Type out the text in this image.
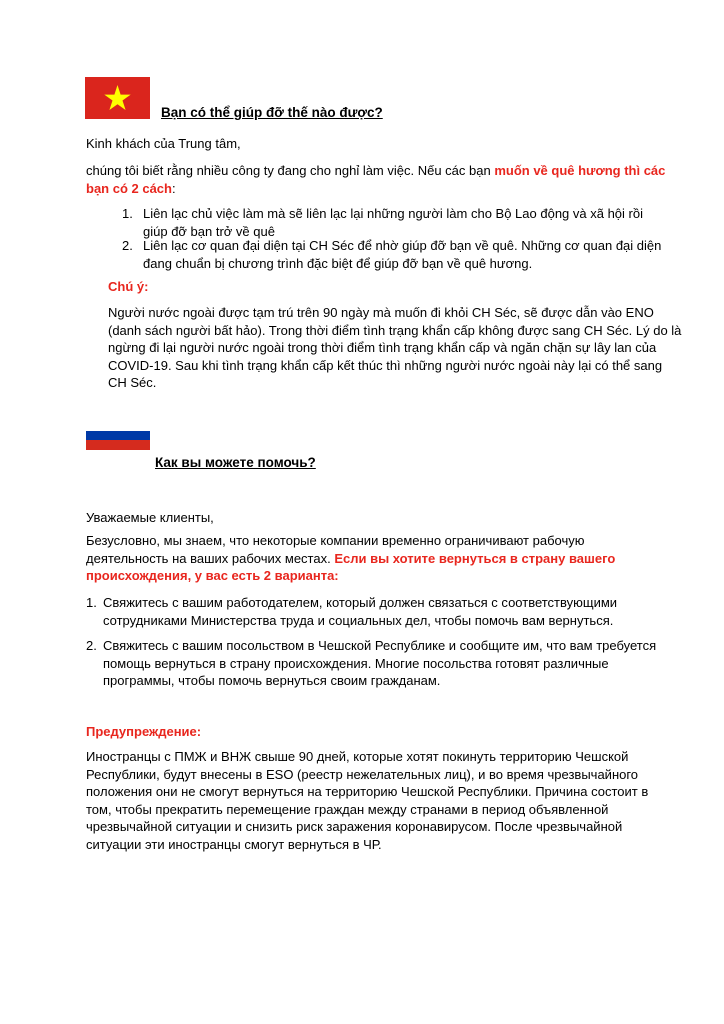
Bạn có thể giúp đỡ thế nào được?
Kinh khách của Trung tâm,
chúng tôi biết rằng nhiều công ty đang cho nghỉ làm việc. Nếu các bạn muốn về quê hương thì các bạn có 2 cách:
1. Liên lạc chủ việc làm mà sẽ liên lạc lại những người làm cho Bộ Lao động và xã hội rồi giúp đỡ bạn trở về quê
2. Liên lạc cơ quan đại diện tại CH Séc để nhờ giúp đỡ bạn về quê. Những cơ quan đại diện đang chuẩn bị chương trình đặc biệt để giúp đỡ bạn về quê hương.
Chú ý:
Người nước ngoài được tạm trú trên 90 ngày mà muốn đi khỏi CH Séc, sẽ được dẫn vào ENO (danh sách người bất hảo). Trong thời điểm tình trạng khẩn cấp không được sang CH Séc. Lý do là ngừng đi lại người nước ngoài trong thời điểm tình trạng khẩn cấp và ngăn chặn sự lây lan của COVID-19. Sau khi tình trạng khẩn cấp kết thúc thì những người nước ngoài này lại có thể sang CH Séc.
Как вы можете помочь?
Уважаемые клиенты,
Безусловно, мы знаем, что некоторые компании временно ограничивают рабочую деятельность на ваших рабочих местах. Если вы хотите вернуться в страну вашего происхождения, у вас есть 2 варианта:
1. Свяжитесь с вашим работодателем, который должен связаться с соответствующими сотрудниками Министерства труда и социальных дел, чтобы помочь вам вернуться.
2. Свяжитесь с вашим посольством в Чешской Республике и сообщите им, что вам требуется помощь вернуться в страну происхождения. Многие посольства готовят различные программы, чтобы помочь вернуться своим гражданам.
Предупреждение:
Иностранцы с ПМЖ и ВНЖ свыше 90 дней, которые хотят покинуть территорию Чешской Республики, будут внесены в ESO (реестр нежелательных лиц), и во время чрезвычайного положения они не смогут вернуться на территорию Чешской Республики. Причина состоит в том, чтобы прекратить перемещение граждан между странами в период объявленной чрезвычайной ситуации и снизить риск заражения коронавирусом. После чрезвычайной ситуации эти иностранцы смогут вернуться в ЧР.
